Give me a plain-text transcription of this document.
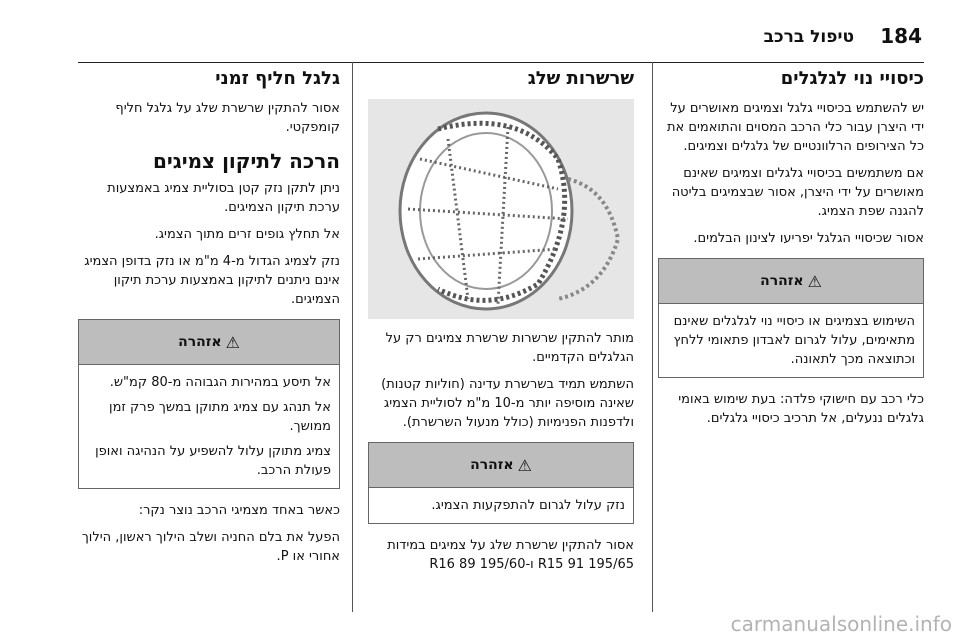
184
טיפול ברכב
כיסויי נוי לגלגלים

יש להשתמש בכיסויי גלגל וצמיגים מאושרים על ידי היצרן עבור כלי הרכב המסוים והתואמים את כל הצירופים הרלוונטיים של גלגלים וצמיגים.

אם משתמשים בכיסויי גלגלים וצמיגים שאינם מאושרים על ידי היצרן, אסור שבצמיגים בליטה להגנה שפת הצמיג.

אסור שכיסויי הגלגל יפריעו לצינון הבלמים.

⚠
אזהרה

השימוש בצמיגים או כיסויי נוי לגלגלים שאינם מתאימים, עלול לגרום לאבדון פתאומי ללחץ וכתוצאה מכך לתאונה.

כלי רכב עם חישוקי פלדה: בעת שימוש באומי גלגלים ננעלים, אל תרכיב כיסויי גלגלים.

שרשרות שלג

מותר להתקין שרשרות שרשרת צמיגים רק על הגלגלים הקדמיים.

השתמש תמיד בשרשרת עדינה (חוליות קטנות) שאינה מוסיפה יותר מ-10 מ"מ לסוליית הצמיג ולדפנות הפנימיות (כולל מנעול השרשרת).

⚠
אזהרה

נזק עלול לגרום להתפקעות הצמיג.

אסור להתקין שרשרת שלג על צמיגים במידות 195/65 R15 91 ו-195/60 R16 89

גלגל חליף זמני

אסור להתקין שרשרת שלג על גלגל חליף קומפקטי.

הרכה לתיקון צמיגים

ניתן לתקן נזק קטן בסוליית צמיג באמצעות ערכת תיקון הצמיגים.

אל תחלץ גופים זרים מתוך הצמיג.

נזק לצמיג הגדול מ-4 מ"מ או נזק בדופן הצמיג אינם ניתנים לתיקון באמצעות ערכת תיקון הצמיגים.

⚠
אזהרה

אל תיסע במהירות הגבוהה מ-80 קמ"ש.

אל תנהג עם צמיג מתוקן במשך פרק זמן ממושך.

צמיג מתוקן עלול להשפיע על הנהיגה ואופן פעולת הרכב.

כאשר באחד מצמיגי הרכב נוצר נקר:

הפעל את בלם החניה ושלב הילוך ראשון, הילוך אחורי או P.

carmanualsonline.info
